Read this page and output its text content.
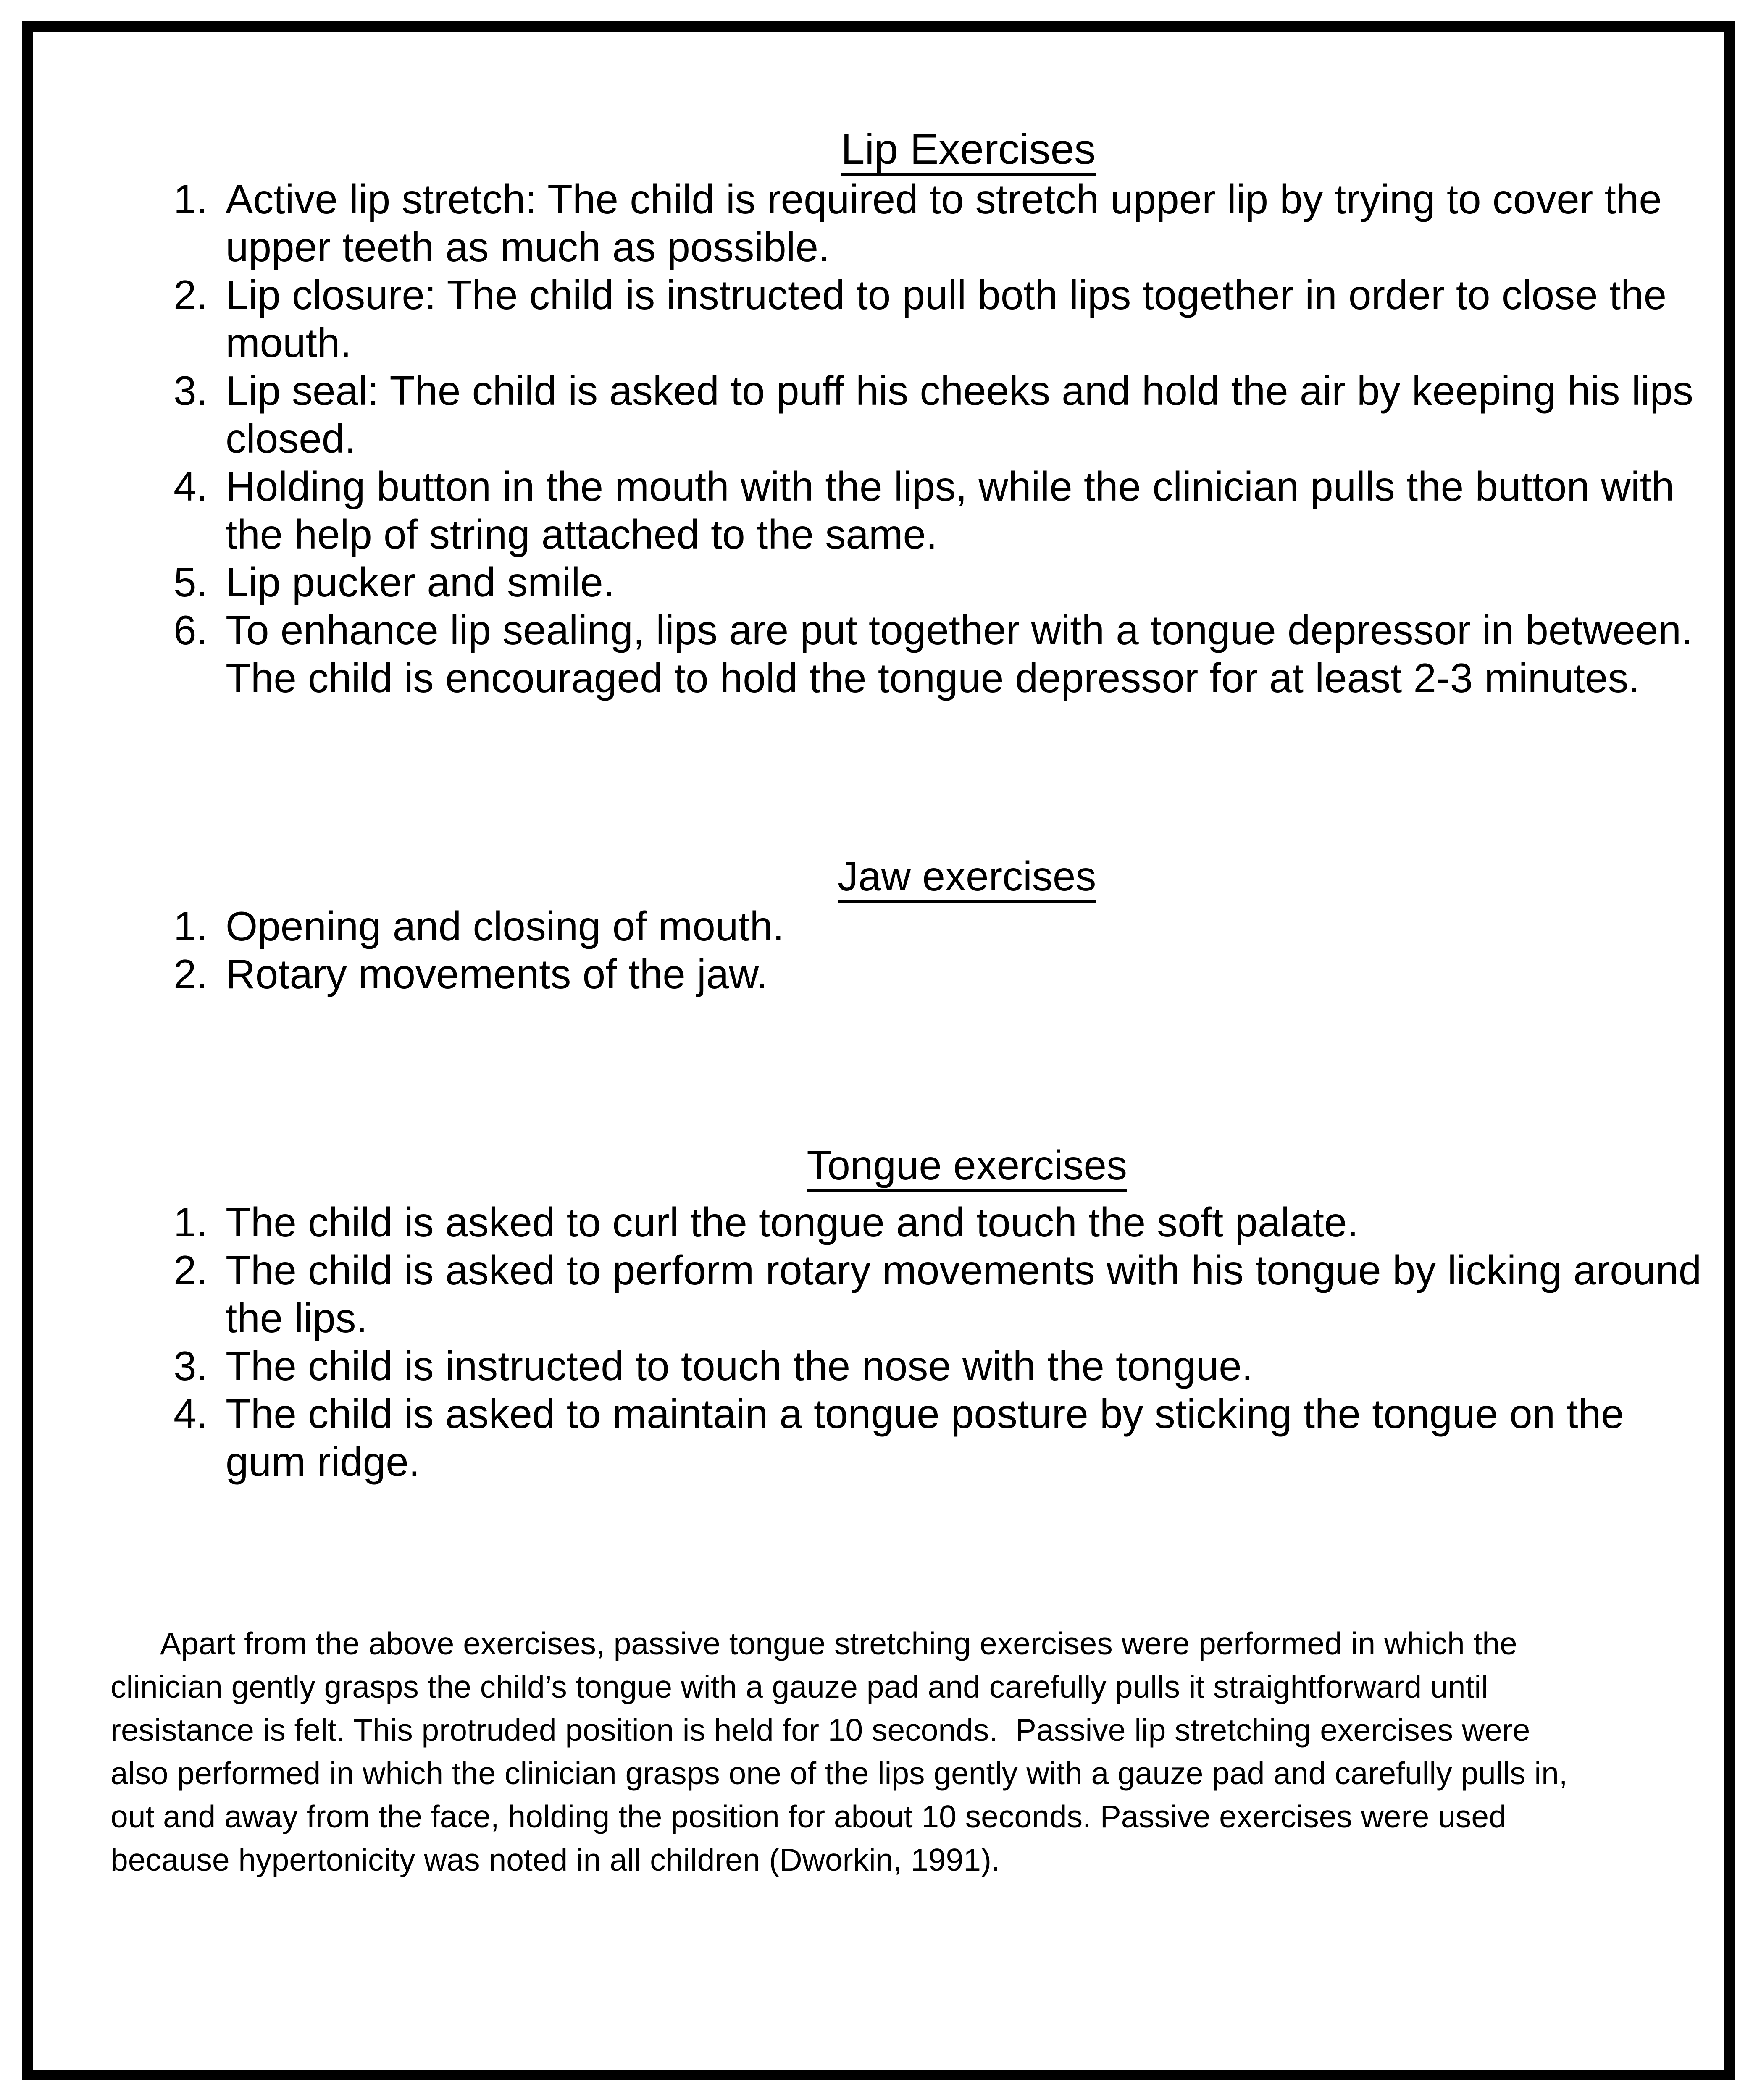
Lip Exercises

1. Active lip stretch: The child is required to stretch upper lip by trying to cover the
upper teeth as much as possible.
2. Lip closure: The child is instructed to pull both lips together in order to close the
mouth.
3. Lip seal: The child is asked to puff his cheeks and hold the air by keeping his lips
closed.
4. Holding button in the mouth with the lips, while the clinician pulls the button with
the help of string attached to the same.
5. Lip pucker and smile.
6. To enhance lip sealing, lips are put together with a tongue depressor in between.
The child is encouraged to hold the tongue depressor for at least 2-3 minutes.

Jaw exercises

1. Opening and closing of mouth.
2. Rotary movements of the jaw.

Tongue exercises

1. The child is asked to curl the tongue and touch the soft palate.
2. The child is asked to perform rotary movements with his tongue by licking around
the lips.
3. The child is instructed to touch the nose with the tongue.
4. The child is asked to maintain a tongue posture by sticking the tongue on the
gum ridge.
Apart from the above exercises, passive tongue stretching exercises were performed in which the
clinician gently grasps the child’s tongue with a gauze pad and carefully pulls it straightforward until
resistance is felt. This protruded position is held for 10 seconds.  Passive lip stretching exercises were
also performed in which the clinician grasps one of the lips gently with a gauze pad and carefully pulls in,
out and away from the face, holding the position for about 10 seconds. Passive exercises were used
because hypertonicity was noted in all children (Dworkin, 1991).
